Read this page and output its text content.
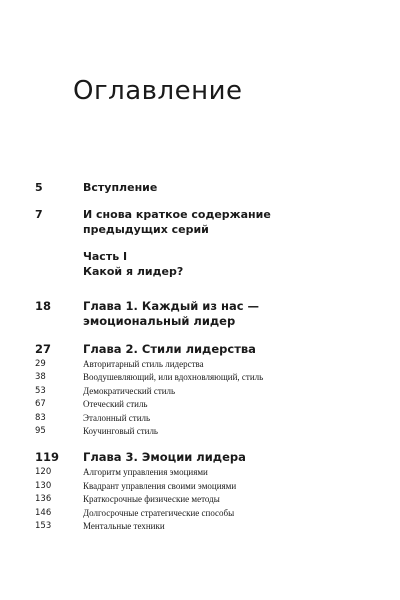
Оглавление
5	Вступление
7	И снова краткое содержание предыдущих серий
Часть I
Какой я лидер?
18	Глава 1. Каждый из нас — эмоциональный лидер
27	Глава 2. Стили лидерства
29	Авторитарный стиль лидерства
38	Воодушевляющий, или вдохновляющий, стиль
53	Демократический стиль
67	Отеческий стиль
83	Эталонный стиль
95	Коучинговый стиль
119 Глава 3. Эмоции лидера
120	Алгоритм управления эмоциями
130	Квадрант управления своими эмоциями
136	Краткосрочные физические методы
146	Долгосрочные стратегические способы
153	Ментальные техники
